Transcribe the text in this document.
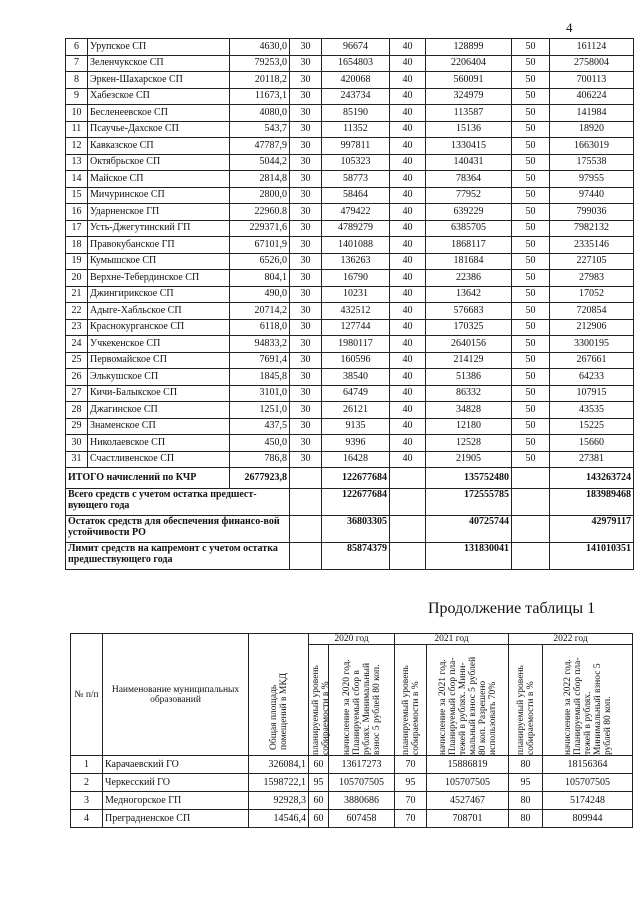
4
6	Урупское СП	4630,0	30	96674	40	128899	50	161124
7	Зеленчукское СП	79253,0	30	1654803	40	2206404	50	2758004
8	Эркен-Шахарское СП	20118,2	30	420068	40	560091	50	700113
9	Хабезское СП	11673,1	30	243734	40	324979	50	406224
10	Бесленеевское СП	4080,0	30	85190	40	113587	50	141984
11	Псаучье-Дахское СП	543,7	30	11352	40	15136	50	18920
12	Кавказское СП	47787,9	30	997811	40	1330415	50	1663019
13	Октябрьское СП	5044,2	30	105323	40	140431	50	175538
14	Майское СП	2814,8	30	58773	40	78364	50	97955
15	Мичуринское СП	2800,0	30	58464	40	77952	50	97440
16	Ударненское ГП	22960.8	30	479422	40	639229	50	799036
17	Усть-Джегутинский ГП	229371,6	30	4789279	40	6385705	50	7982132
18	Правокубанское ГП	67101,9	30	1401088	40	1868117	50	2335146
19	Кумышское СП	6526,0	30	136263	40	181684	50	227105
20	Верхне-Тебердинское СП	804,1	30	16790	40	22386	50	27983
21	Джингирикское СП	490,0	30	10231	40	13642	50	17052
22	Адыге-Хабльское СП	20714,2	30	432512	40	576683	50	720854
23	Краснокурганское СП	6118,0	30	127744	40	170325	50	212906
24	Учкекенское СП	94833,2	30	1980117	40	2640156	50	3300195
25	Первомайское СП	7691,4	30	160596	40	214129	50	267661
26	Элькушское СП	1845,8	30	38540	40	51386	50	64233
27	Кичи-Балыкское СП	3101,0	30	64749	40	86332	50	107915
28	Джагинское СП	1251,0	30	26121	40	34828	50	43535
29	Знаменское СП	437,5	30	9135	40	12180	50	15225
30	Николаевское СП	450,0	30	9396	40	12528	50	15660
31	Счастливенское СП	786,8	30	16428	40	21905	50	27381
ИТОГО начислений по КЧР		2677923,8		122677684		135752480		143263724
Всего средств с учетом остатка предшест-вующего года				122677684		172555785		183989468
Остаток средств для обеспечения финансо-вой устойчивости РО				36803305		40725744		42979117
Лимит средств на капремонт с учетом остатка предшествующего года				85874379		131830041		141010351
Продолжение таблицы 1
№ п/п	Наименование муниципальных образований	Общая площадь помещений в МКД	2020 год		2021 год		2022 год	

			планируемый уровень собираемости в %	начисление за 2020 год. Планируемый сбор в рублях. Минимальный взнос 5 рублей 80 коп.	планируемый уровень собираемости в %	начисление за 2021 год. Планируемый сбор пла-тежей в рублях. Мини-мальный взнос 5 рублей 80 коп. Разрешено использовать 70%	планируемый уровень собираемости в %	начисление за 2022 год. Планируемый сбор пла-тежей в рублях. Минимальный взнос 5 рублей 80 коп.

1	Карачаевский ГО	326084,1	60	13617273	70	15886819	80	18156364
2	Черкесский ГО	1598722,1	95	105707505	95	105707505	95	105707505
3	Медногорское ГП	92928,3	60	3880686	70	4527467	80	5174248
4	Преградненское СП	14546,4	60	607458	70	708701	80	809944
